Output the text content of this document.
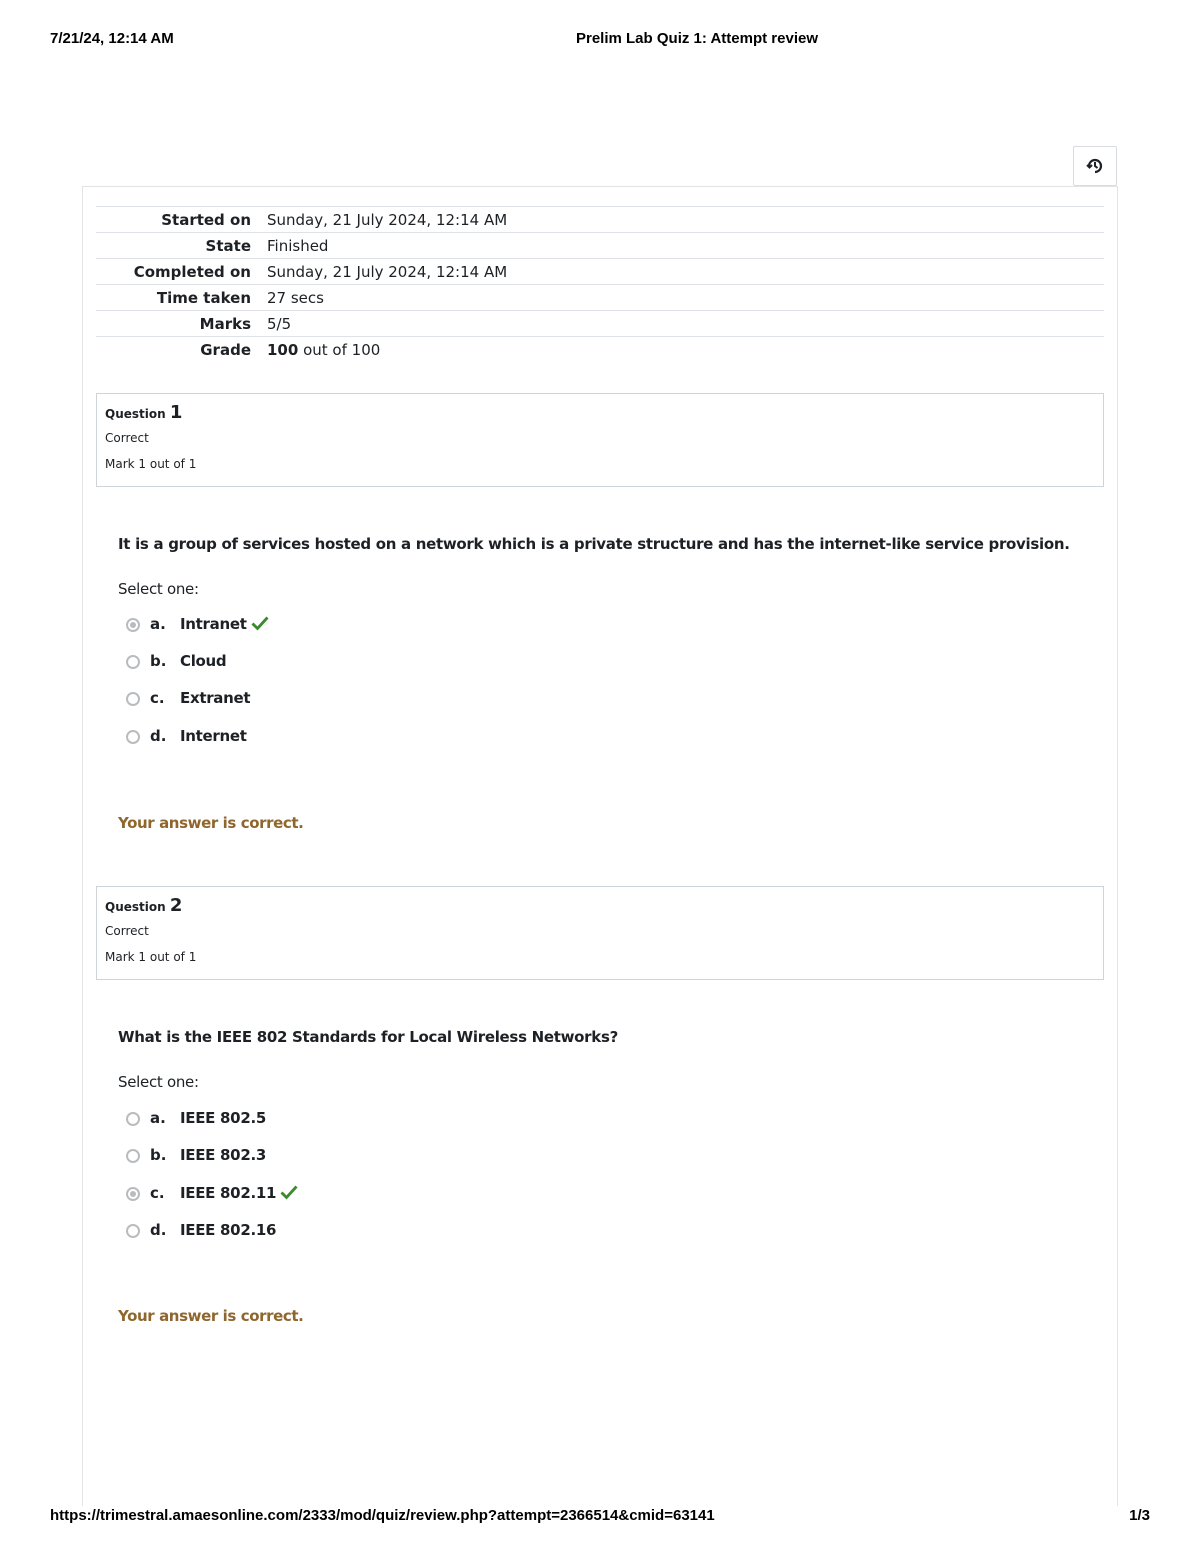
7/21/24, 12:14 AM	Prelim Lab Quiz 1: Attempt review
Started on	Sunday, 21 July 2024, 12:14 AM
State	Finished
Completed on	Sunday, 21 July 2024, 12:14 AM
Time taken	27 secs
Marks	5/5
Grade	100 out of 100
Question 1
Correct
Mark 1 out of 1
It is a group of services hosted on a network which is a private structure and has the internet-like service provision.
Select one:
a. Intranet
b. Cloud
c. Extranet
d. Internet
Your answer is correct.
Question 2
Correct
Mark 1 out of 1
What is the IEEE 802 Standards for Local Wireless Networks?
Select one:
a. IEEE 802.5
b. IEEE 802.3
c. IEEE 802.11
d. IEEE 802.16
Your answer is correct.
https://trimestral.amaesonline.com/2333/mod/quiz/review.php?attempt=2366514&cmid=63141	1/3
